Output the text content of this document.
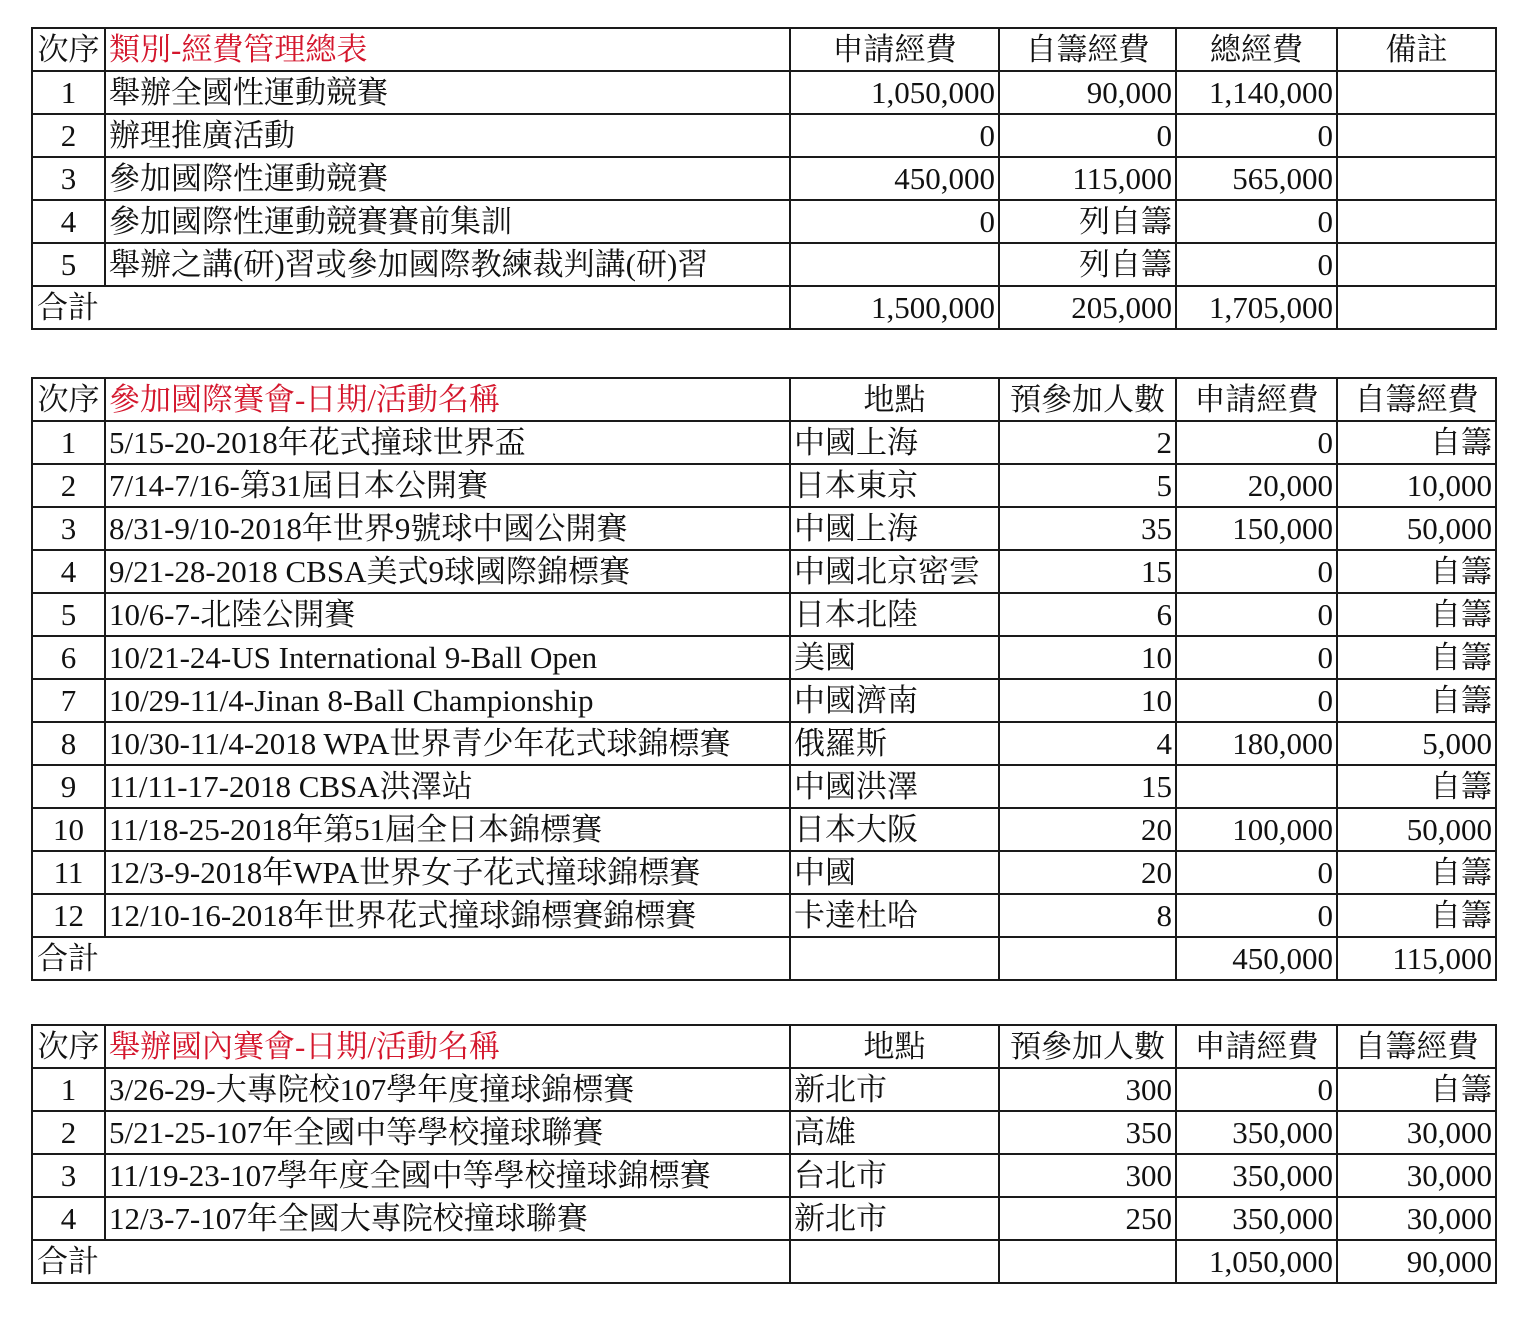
次序	類別-經費管理總表	申請經費	自籌經費	總經費	備註
1	舉辦全國性運動競賽	1,050,000	90,000	1,140,000	
2	辦理推廣活動	0	0	0	
3	參加國際性運動競賽	450,000	115,000	565,000	
4	參加國際性運動競賽賽前集訓	0	列自籌	0	
5	舉辦之講(研)習或參加國際教練裁判講(研)習		列自籌	0	
合計		1,500,000	205,000	1,705,000	
次序	參加國際賽會-日期/活動名稱	地點	預參加人數	申請經費	自籌經費
1	5/15-20-2018年花式撞球世界盃	中國上海	2	0	自籌
2	7/14-7/16-第31屆日本公開賽	日本東京	5	20,000	10,000
3	8/31-9/10-2018年世界9號球中國公開賽	中國上海	35	150,000	50,000
4	9/21-28-2018 CBSA美式9球國際錦標賽	中國北京密雲	15	0	自籌
5	10/6-7-北陸公開賽	日本北陸	6	0	自籌
6	10/21-24-US International 9-Ball Open	美國	10	0	自籌
7	10/29-11/4-Jinan 8-Ball Championship	中國濟南	10	0	自籌
8	10/30-11/4-2018 WPA世界青少年花式球錦標賽	俄羅斯	4	180,000	5,000
9	11/11-17-2018 CBSA洪澤站	中國洪澤	15		自籌
10	11/18-25-2018年第51屆全日本錦標賽	日本大阪	20	100,000	50,000
11	12/3-9-2018年WPA世界女子花式撞球錦標賽	中國	20	0	自籌
12	12/10-16-2018年世界花式撞球錦標賽錦標賽	卡達杜哈	8	0	自籌
合計				450,000	115,000
次序	舉辦國內賽會-日期/活動名稱	地點	預參加人數	申請經費	自籌經費
1	3/26-29-大專院校107學年度撞球錦標賽	新北市	300	0	自籌
2	5/21-25-107年全國中等學校撞球聯賽	高雄	350	350,000	30,000
3	11/19-23-107學年度全國中等學校撞球錦標賽	台北市	300	350,000	30,000
4	12/3-7-107年全國大專院校撞球聯賽	新北市	250	350,000	30,000
合計				1,050,000	90,000
